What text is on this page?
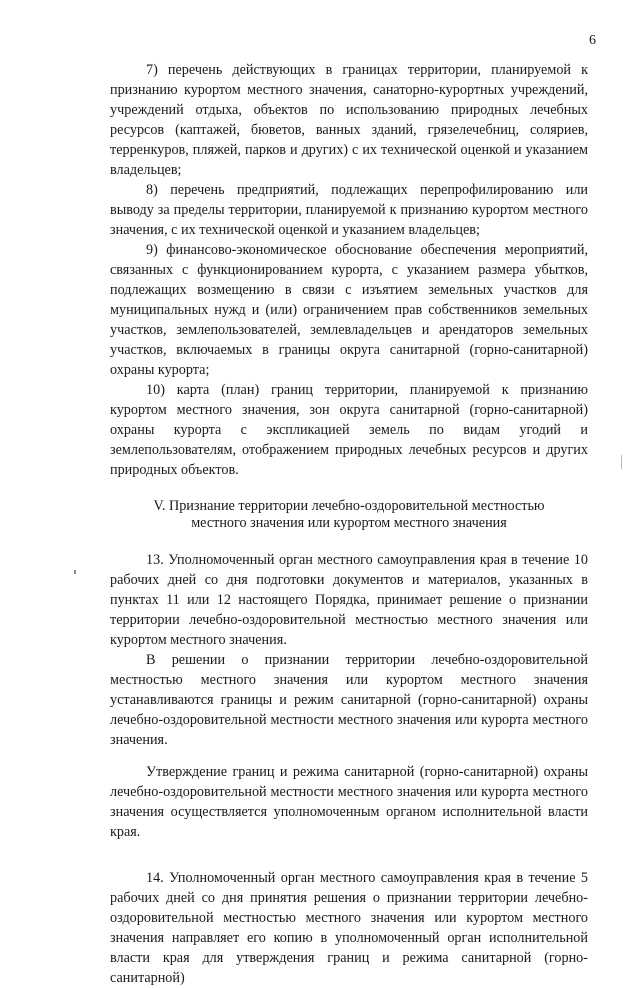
6

7) перечень действующих в границах территории, планируемой к признанию курортом местного значения, санаторно-курортных учреждений, учреждений отдыха, объектов по использованию природных лечебных ресурсов (каптажей, бюветов, ванных зданий, грязелечебниц, соляриев, терренкуров, пляжей, парков и других) с их технической оценкой и указанием владельцев;

8) перечень предприятий, подлежащих перепрофилированию или выводу за пределы территории, планируемой к признанию курортом местного значения, с их технической оценкой и указанием владельцев;

9) финансово-экономическое обоснование обеспечения мероприятий, связанных с функционированием курорта, с указанием размера убытков, подлежащих возмещению в связи с изъятием земельных участков для муниципальных нужд и (или) ограничением прав собственников земельных участков, землепользователей, землевладельцев и арендаторов земельных участков, включаемых в границы округа санитарной (горно-санитарной) охраны курорта;

10) карта (план) границ территории, планируемой к признанию курортом местного значения, зон округа санитарной (горно-санитарной) охраны курорта с экспликацией земель по видам угодий и землепользователям, отображением природных лечебных ресурсов и других природных объектов.

V. Признание территории лечебно-оздоровительной местностью
местного значения или курортом местного значения

13. Уполномоченный орган местного самоуправления края в течение 10 рабочих дней со дня подготовки документов и материалов, указанных в пунктах 11 или 12 настоящего Порядка, принимает решение о признании территории лечебно-оздоровительной местностью местного значения или курортом местного значения.

В решении о признании территории лечебно-оздоровительной местностью местного значения или курортом местного значения устанавливаются границы и режим санитарной (горно-санитарной) охраны лечебно-оздоровительной местности местного значения или курорта местного значения.

Утверждение границ и режима санитарной (горно-санитарной) охраны лечебно-оздоровительной местности местного значения или курорта местного значения осуществляется уполномоченным органом исполнительной власти края.

14. Уполномоченный орган местного самоуправления края в течение 5 рабочих дней со дня принятия решения о признании территории лечебно-оздоровительной местностью местного значения или курортом местного значения направляет его копию в уполномоченный орган исполнительной власти края для утверждения границ и режима санитарной (горно-санитарной)
